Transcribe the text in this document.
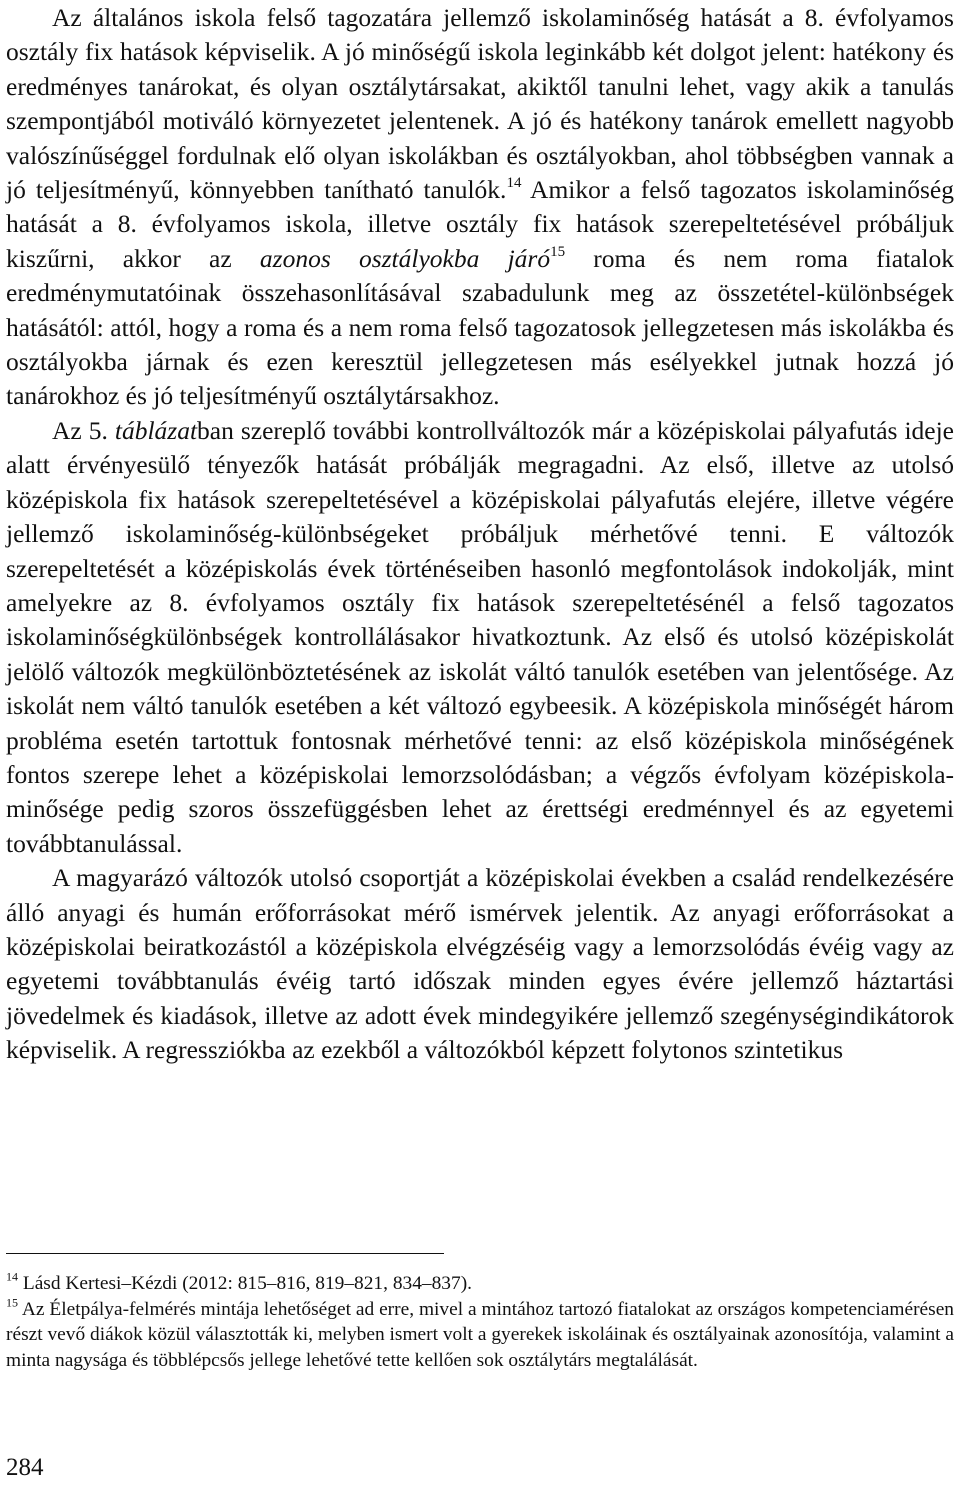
Az általános iskola felső tagozatára jellemző iskolaminőség hatását a 8. évfolyamos osztály fix hatások képviselik. A jó minőségű iskola leginkább két dolgot jelent: hatékony és eredményes tanárokat, és olyan osztálytársakat, akiktől tanulni lehet, vagy akik a tanulás szempontjából motiváló környezetet jelentenek. A jó és hatékony tanárok emellett nagyobb valószínűséggel fordulnak elő olyan iskolákban és osztályokban, ahol többségben vannak a jó teljesítményű, könnyebben tanítható tanulók.$^{14}$ Amikor a felső tagozatos iskolaminőség hatását a 8. évfolyamos iskola, illetve osztály fix hatások szerepeltetésével próbáljuk kiszűrni, akkor az azonos osztályokba járó$^{15}$ roma és nem roma fiatalok eredménymutatóinak összehasonlításával szabadulunk meg az összetétel-különbségek hatásától: attól, hogy a roma és a nem roma felső tagozatosok jellegzetesen más iskolákba és osztályokba járnak és ezen keresztül jellegzetesen más esélyekkel jutnak hozzá jó tanárokhoz és jó teljesítményű osztálytársakhoz.

Az 5. táblázatban szereplő további kontrollváltozók már a középiskolai pályafutás ideje alatt érvényesülő tényezők hatását próbálják megragadni. Az első, illetve az utolsó középiskola fix hatások szerepeltetésével a középiskolai pályafutás elejére, illetve végére jellemző iskolaminőség-különbségeket próbáljuk mérhetővé tenni. E változók szerepeltetését a középiskolás évek történéseiben hasonló megfontolások indokolják, mint amelyekre az 8. évfolyamos osztály fix hatások szerepeltetésénél a felső tagozatos iskolaminőségkülönbségek kontrollálásakor hivatkoztunk. Az első és utolsó középiskolát jelölő változók megkülönböztetésének az iskolát váltó tanulók esetében van jelentősége. Az iskolát nem váltó tanulók esetében a két változó egybeesik. A középiskola minőségét három probléma esetén tartottuk fontosnak mérhetővé tenni: az első középiskola minőségének fontos szerepe lehet a középiskolai lemorzsolódásban; a végzős évfolyam középiskola-minősége pedig szoros összefüggésben lehet az érettségi eredménnyel és az egyetemi továbbtanulással.

A magyarázó változók utolsó csoportját a középiskolai években a család rendelkezésére álló anyagi és humán erőforrásokat mérő ismérvek jelentik. Az anyagi erőforrásokat a középiskolai beiratkozástól a középiskola elvégzéséig vagy a lemorzsolódás évéig vagy az egyetemi továbbtanulás évéig tartó időszak minden egyes évére jellemző háztartási jövedelmek és kiadások, illetve az adott évek mindegyikére jellemző szegénységindikátorok képviselik. A regressziókba az ezekből a változókból képzett folytonos szintetikus

$^{14}$ Lásd Kertesi–Kézdi (2012: 815–816, 819–821, 834–837).

$^{15}$ Az Életpálya-felmérés mintája lehetőséget ad erre, mivel a mintához tartozó fiatalokat az országos kompetenciamérésen részt vevő diákok közül választották ki, melyben ismert volt a gyerekek iskoláinak és osztályainak azonosítója, valamint a minta nagysága és többlépcsős jellege lehetővé tette kellően sok osztálytárs megtalálását.

284
